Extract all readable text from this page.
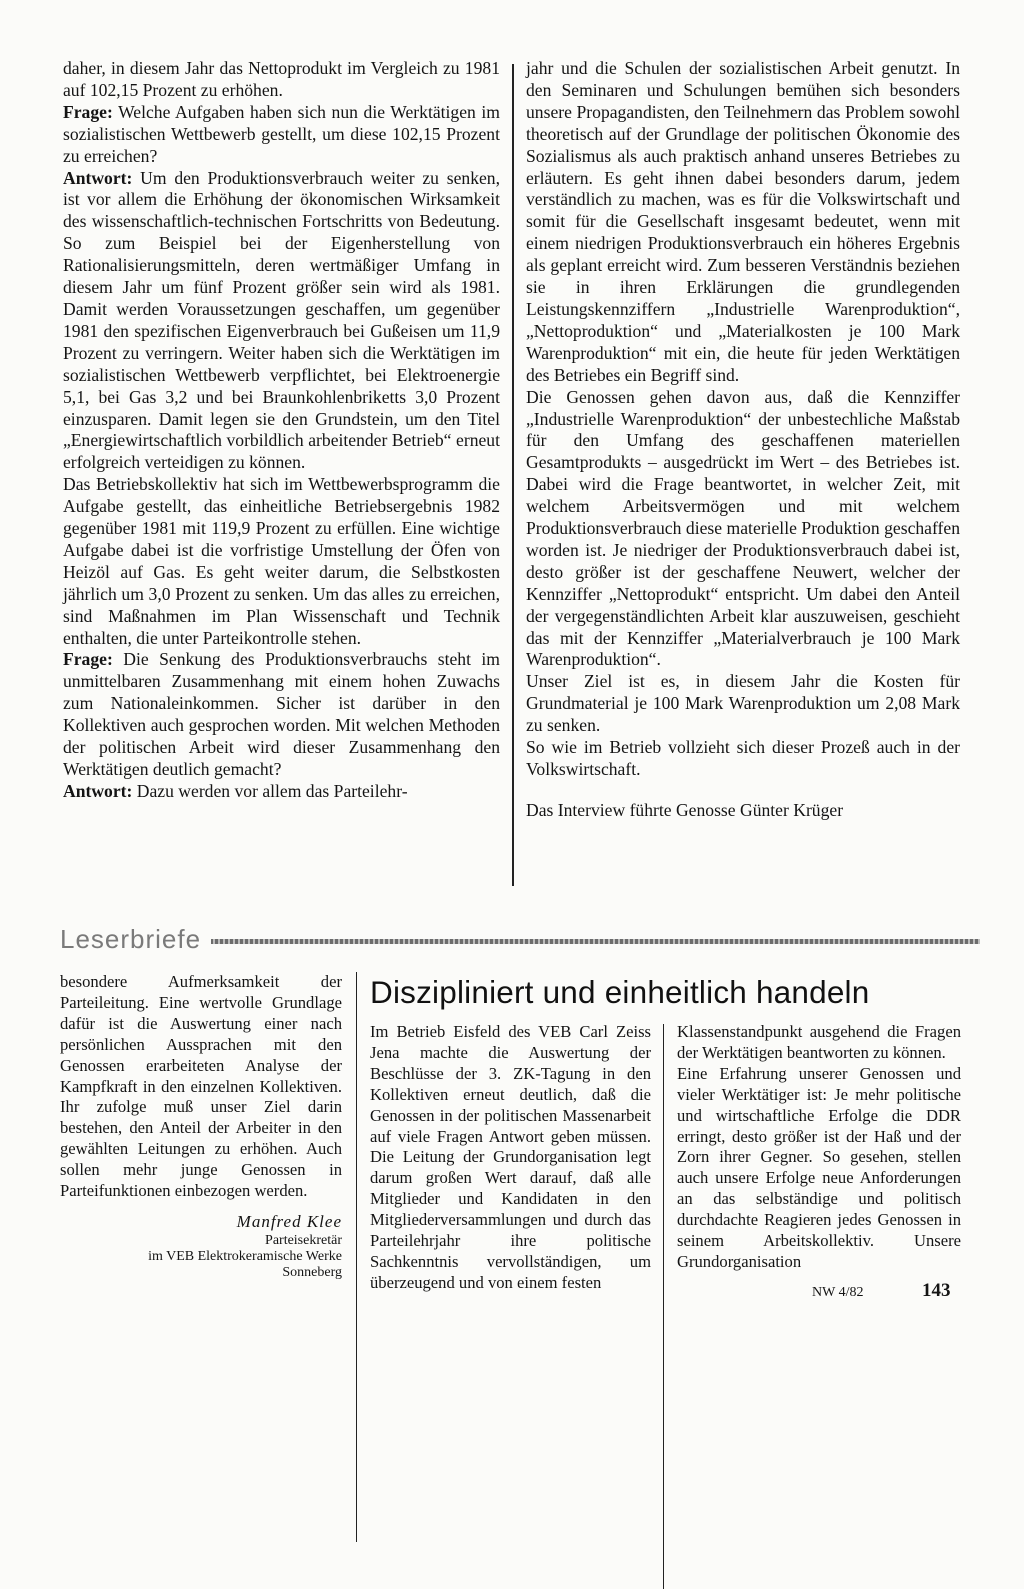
daher, in diesem Jahr das Nettoprodukt im Vergleich zu 1981 auf 102,15 Prozent zu erhöhen.

Frage: Welche Aufgaben haben sich nun die Werktätigen im sozialistischen Wettbewerb gestellt, um diese 102,15 Prozent zu erreichen?

Antwort: Um den Produktionsverbrauch weiter zu senken, ist vor allem die Erhöhung der ökonomischen Wirksamkeit des wissenschaftlich-technischen Fortschritts von Bedeutung. So zum Beispiel bei der Eigenherstellung von Rationalisierungsmitteln, deren wertmäßiger Umfang in diesem Jahr um fünf Prozent größer sein wird als 1981. Damit werden Voraussetzungen geschaffen, um gegenüber 1981 den spezifischen Eigenverbrauch bei Gußeisen um 11,9 Prozent zu verringern. Weiter haben sich die Werktätigen im sozialistischen Wettbewerb verpflichtet, bei Elektroenergie 5,1, bei Gas 3,2 und bei Braunkohlenbriketts 3,0 Prozent einzusparen. Damit legen sie den Grundstein, um den Titel „Energiewirtschaftlich vorbildlich arbeitender Betrieb“ erneut erfolgreich verteidigen zu können.

Das Betriebskollektiv hat sich im Wettbewerbsprogramm die Aufgabe gestellt, das einheitliche Betriebsergebnis 1982 gegenüber 1981 mit 119,9 Prozent zu erfüllen. Eine wichtige Aufgabe dabei ist die vorfristige Umstellung der Öfen von Heizöl auf Gas. Es geht weiter darum, die Selbstkosten jährlich um 3,0 Prozent zu senken. Um das alles zu erreichen, sind Maßnahmen im Plan Wissenschaft und Technik enthalten, die unter Parteikontrolle stehen.

Frage: Die Senkung des Produktionsverbrauchs steht im unmittelbaren Zusammenhang mit einem hohen Zuwachs zum Nationaleinkommen. Sicher ist darüber in den Kollektiven auch gesprochen worden. Mit welchen Methoden der politischen Arbeit wird dieser Zusammenhang den Werktätigen deutlich gemacht?

Antwort: Dazu werden vor allem das Parteilehr-

jahr und die Schulen der sozialistischen Arbeit genutzt. In den Seminaren und Schulungen bemühen sich besonders unsere Propagandisten, den Teilnehmern das Problem sowohl theoretisch auf der Grundlage der politischen Ökonomie des Sozialismus als auch praktisch anhand unseres Betriebes zu erläutern. Es geht ihnen dabei besonders darum, jedem verständlich zu machen, was es für die Volkswirtschaft und somit für die Gesellschaft insgesamt bedeutet, wenn mit einem niedrigen Produktionsverbrauch ein höheres Ergebnis als geplant erreicht wird. Zum besseren Verständnis beziehen sie in ihren Erklärungen die grundlegenden Leistungskennziffern „Industrielle Warenproduktion“, „Nettoproduktion“ und „Materialkosten je 100 Mark Warenproduktion“ mit ein, die heute für jeden Werktätigen des Betriebes ein Begriff sind.

Die Genossen gehen davon aus, daß die Kennziffer „Industrielle Warenproduktion“ der unbestechliche Maßstab für den Umfang des geschaffenen materiellen Gesamtprodukts – ausgedrückt im Wert – des Betriebes ist. Dabei wird die Frage beantwortet, in welcher Zeit, mit welchem Arbeitsvermögen und mit welchem Produktionsverbrauch diese materielle Produktion geschaffen worden ist. Je niedriger der Produktionsverbrauch dabei ist, desto größer ist der geschaffene Neuwert, welcher der Kennziffer „Nettoprodukt“ entspricht. Um dabei den Anteil der vergegenständlichten Arbeit klar auszuweisen, geschieht das mit der Kennziffer „Materialverbrauch je 100 Mark Warenproduktion“.

Unser Ziel ist es, in diesem Jahr die Kosten für Grundmaterial je 100 Mark Warenproduktion um 2,08 Mark zu senken.

So wie im Betrieb vollzieht sich dieser Prozeß auch in der Volkswirtschaft.

Das Interview führte Genosse Günter Krüger

Leserbriefe

besondere Aufmerksamkeit der Parteileitung. Eine wertvolle Grundlage dafür ist die Auswertung einer nach persönlichen Aussprachen mit den Genossen erarbeiteten Analyse der Kampfkraft in den einzelnen Kollektiven. Ihr zufolge muß unser Ziel darin bestehen, den Anteil der Arbeiter in den gewählten Leitungen zu erhöhen. Auch sollen mehr junge Genossen in Parteifunktionen einbezogen werden.

Manfred Klee
Parteisekretär
im VEB Elektrokeramische Werke
Sonneberg
Diszipliniert und einheitlich handeln

Im Betrieb Eisfeld des VEB Carl Zeiss Jena machte die Auswertung der Beschlüsse der 3. ZK-Tagung in den Kollektiven erneut deutlich, daß die Genossen in der politischen Massenarbeit auf viele Fragen Antwort geben müssen. Die Leitung der Grundorganisation legt darum großen Wert darauf, daß alle Mitglieder und Kandidaten in den Mitgliederversammlungen und durch das Parteilehrjahr ihre politische Sachkenntnis vervollständigen, um überzeugend und von einem festen

Klassenstandpunkt ausgehend die Fragen der Werktätigen beantworten zu können.

Eine Erfahrung unserer Genossen und vieler Werktätiger ist: Je mehr politische und wirtschaftliche Erfolge die DDR erringt, desto größer ist der Haß und der Zorn ihrer Gegner. So gesehen, stellen auch unsere Erfolge neue Anforderungen an das selbständige und politisch durchdachte Reagieren jedes Genossen in seinem Arbeitskollektiv. Unsere Grundorganisation

NW 4/82	143
